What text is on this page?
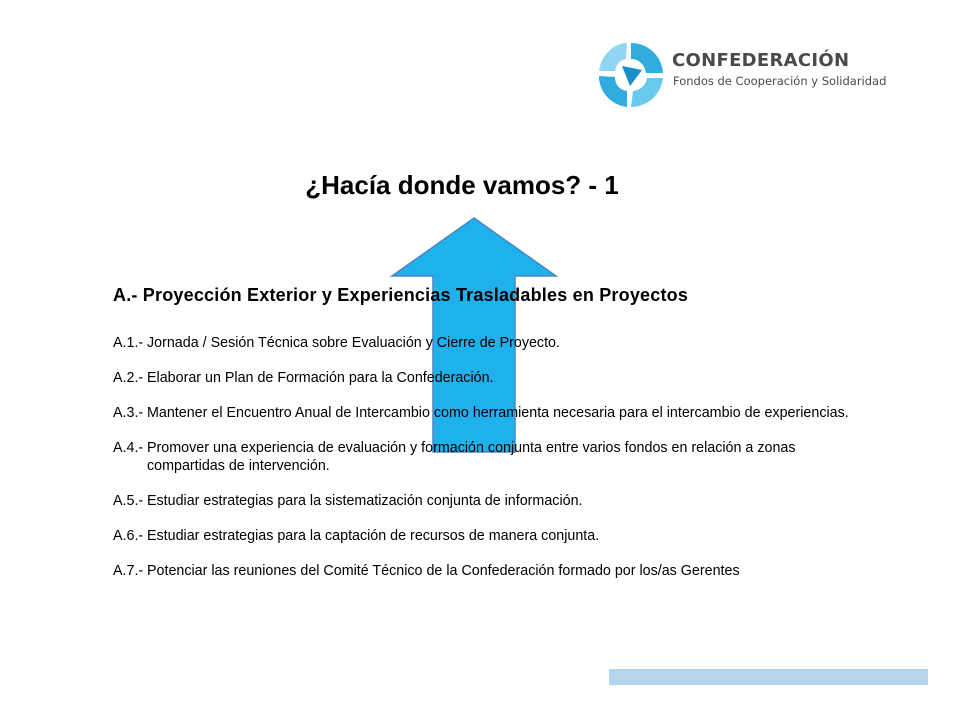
CONFEDERACIÓN
Fondos de Cooperación y Solidaridad
¿Hacía donde vamos? - 1
A.- Proyección Exterior y Experiencias Trasladables en Proyectos
A.1.- Jornada / Sesión Técnica sobre Evaluación y Cierre de Proyecto.
A.2.- Elaborar un Plan de Formación para la Confederación.
A.3.- Mantener el Encuentro Anual de Intercambio como herramienta necesaria para el intercambio de experiencias.
A.4.- Promover una experiencia de evaluación y formación conjunta entre varios fondos en relación a zonas compartidas de intervención.
A.5.- Estudiar estrategias para la sistematización conjunta de información.
A.6.- Estudiar estrategias para la captación de recursos de manera conjunta.
A.7.- Potenciar las reuniones del Comité Técnico de la Confederación formado por los/as Gerentes
